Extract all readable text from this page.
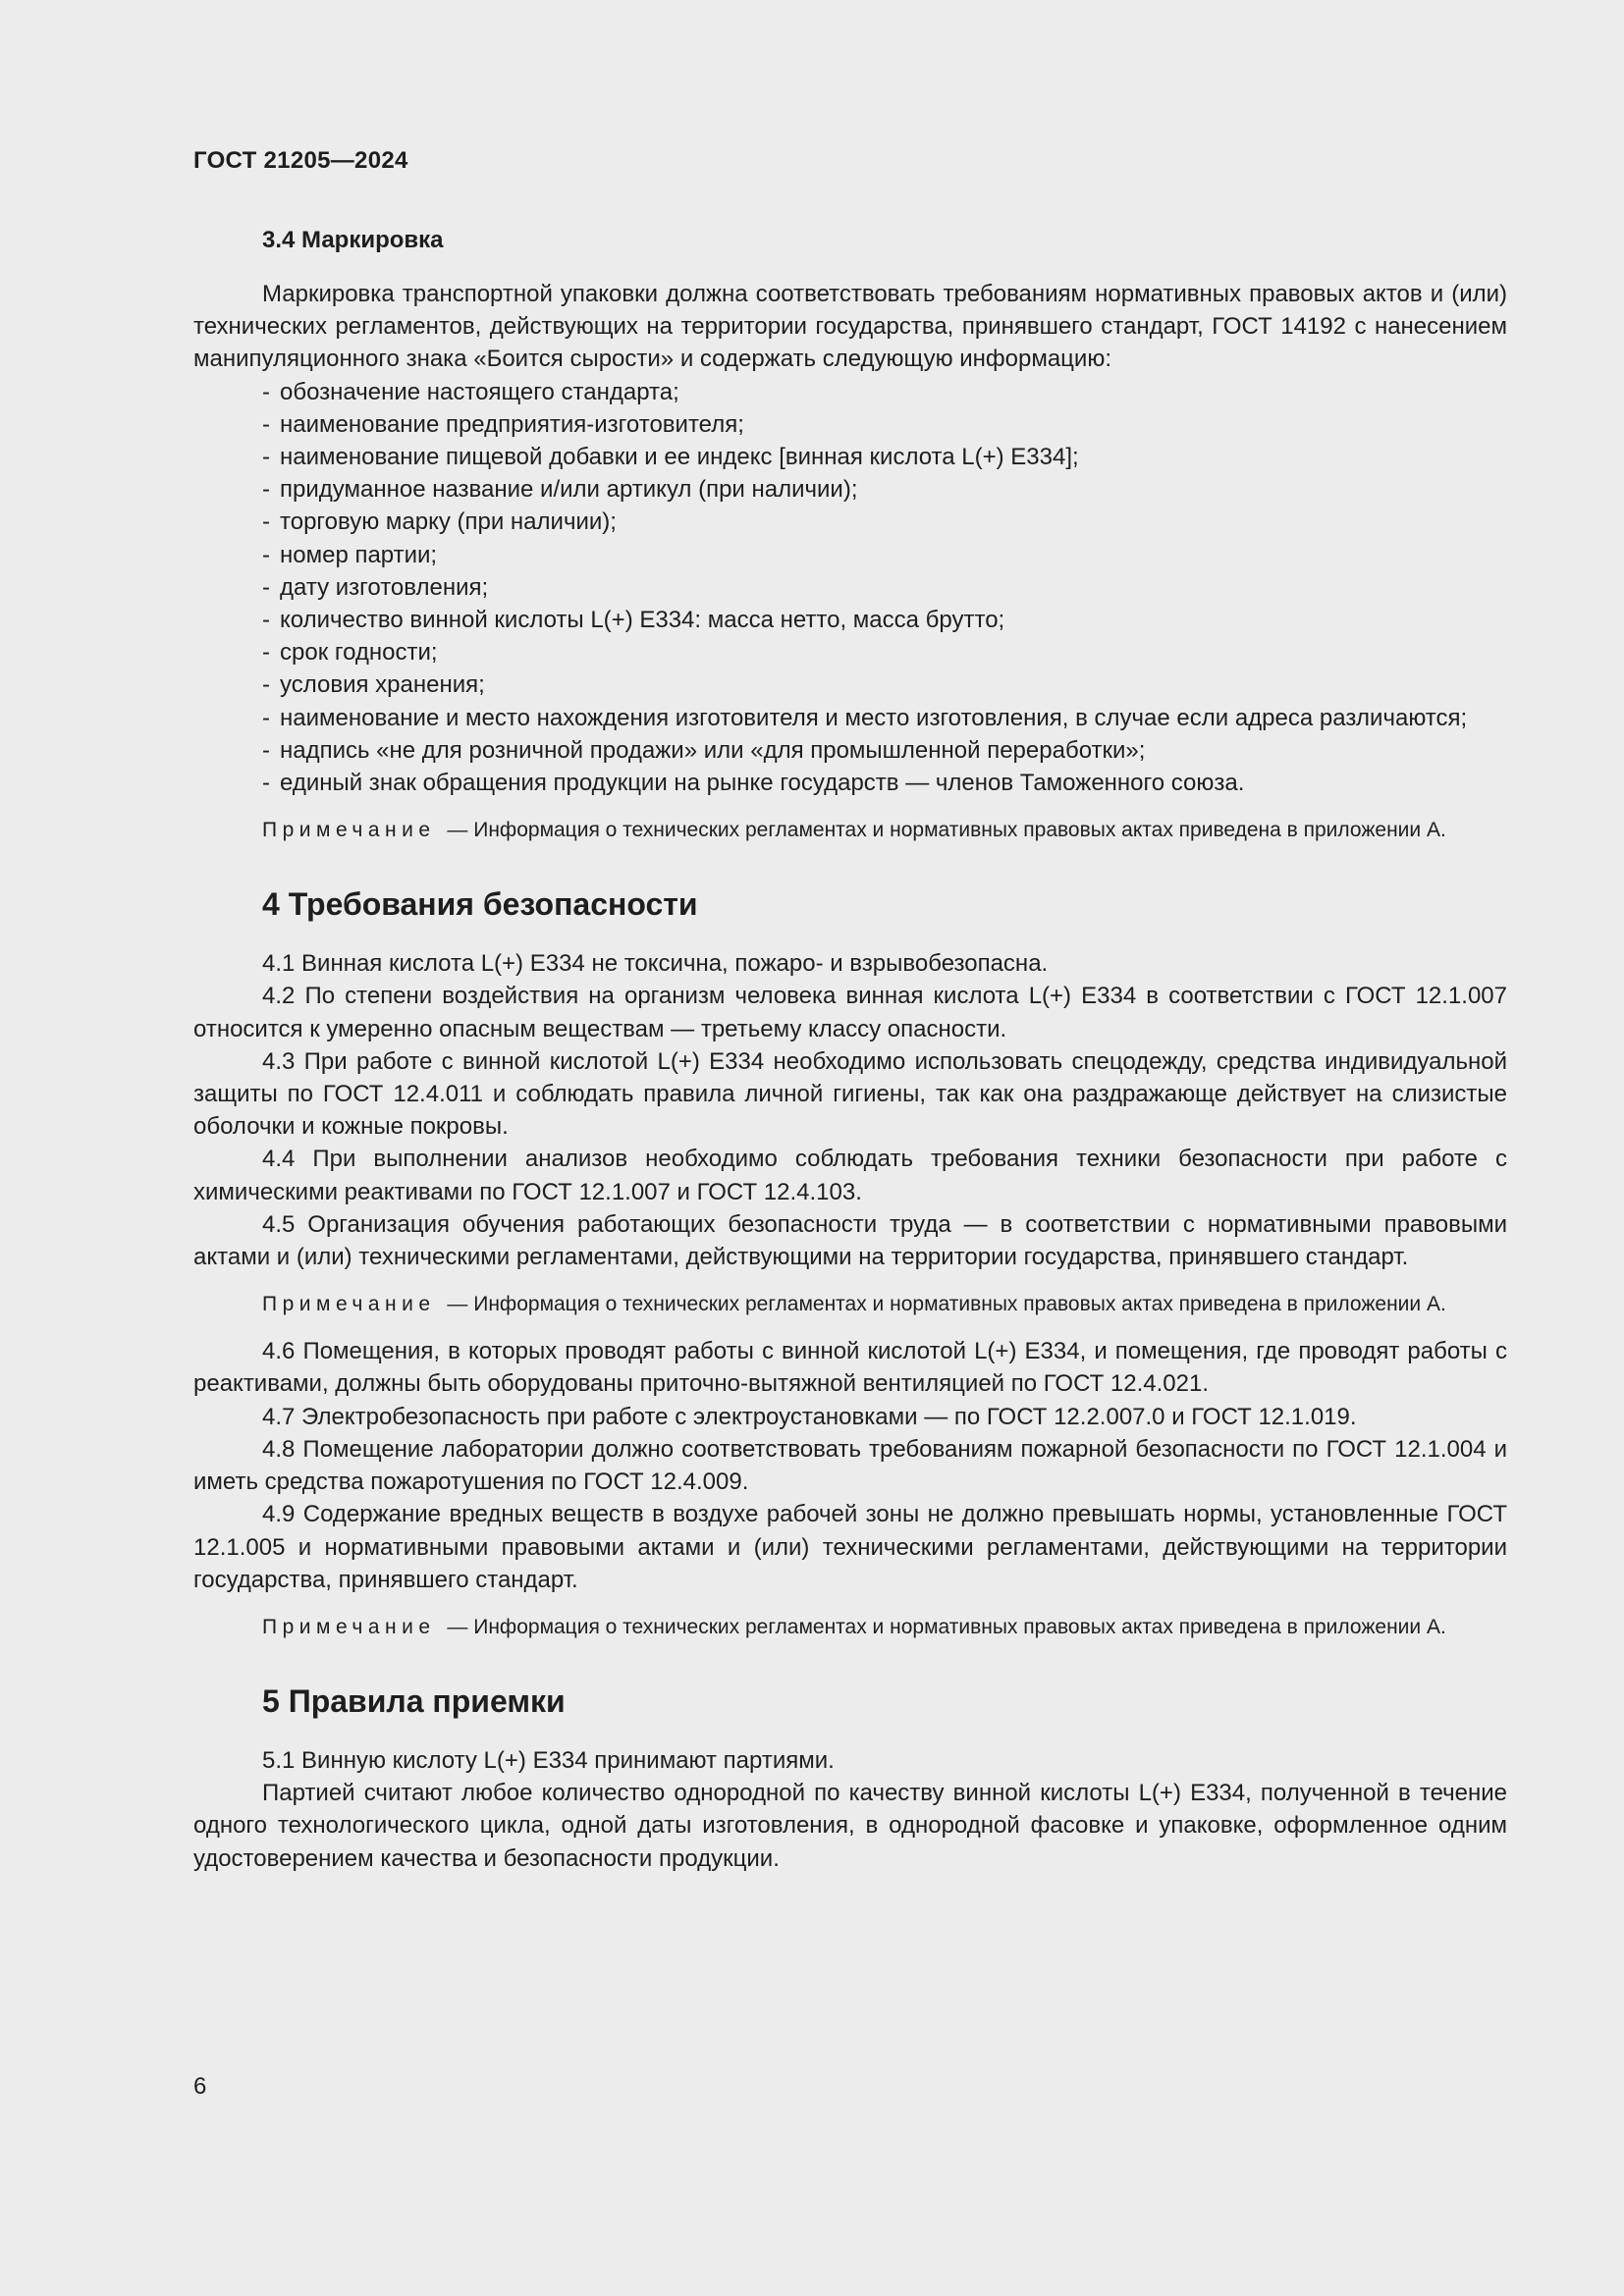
ГОСТ 21205—2024
3.4 Маркировка

Маркировка транспортной упаковки должна соответствовать требованиям нормативных правовых актов и (или) технических регламентов, действующих на территории государства, принявшего стандарт, ГОСТ 14192 с нанесением манипуляционного знака «Боится сырости» и содержать следующую информацию:

- обозначение настоящего стандарта;
- наименование предприятия-изготовителя;
- наименование пищевой добавки и ее индекс [винная кислота L(+) E334];
- придуманное название и/или артикул (при наличии);
- торговую марку (при наличии);
- номер партии;
- дату изготовления;
- количество винной кислоты L(+) E334: масса нетто, масса брутто;
- срок годности;
- условия хранения;
- наименование и место нахождения изготовителя и место изготовления, в случае если адреса различаются;
- надпись «не для розничной продажи» или «для промышленной переработки»;
- единый знак обращения продукции на рынке государств — членов Таможенного союза.

Примечание — Информация о технических регламентах и нормативных правовых актах приведена в приложении А.

4 Требования безопасности

4.1 Винная кислота L(+) E334 не токсична, пожаро- и взрывобезопасна.

4.2 По степени воздействия на организм человека винная кислота L(+) E334 в соответствии с ГОСТ 12.1.007 относится к умеренно опасным веществам — третьему классу опасности.

4.3 При работе с винной кислотой L(+) E334 необходимо использовать спецодежду, средства индивидуальной защиты по ГОСТ 12.4.011 и соблюдать правила личной гигиены, так как она раздражающе действует на слизистые оболочки и кожные покровы.

4.4 При выполнении анализов необходимо соблюдать требования техники безопасности при работе с химическими реактивами по ГОСТ 12.1.007 и ГОСТ 12.4.103.

4.5 Организация обучения работающих безопасности труда — в соответствии с нормативными правовыми актами и (или) техническими регламентами, действующими на территории государства, принявшего стандарт.

Примечание — Информация о технических регламентах и нормативных правовых актах приведена в приложении А.

4.6 Помещения, в которых проводят работы с винной кислотой L(+) E334, и помещения, где проводят работы с реактивами, должны быть оборудованы приточно-вытяжной вентиляцией по ГОСТ 12.4.021.

4.7 Электробезопасность при работе с электроустановками — по ГОСТ 12.2.007.0 и ГОСТ 12.1.019.

4.8 Помещение лаборатории должно соответствовать требованиям пожарной безопасности по ГОСТ 12.1.004 и иметь средства пожаротушения по ГОСТ 12.4.009.

4.9 Содержание вредных веществ в воздухе рабочей зоны не должно превышать нормы, установленные ГОСТ 12.1.005 и нормативными правовыми актами и (или) техническими регламентами, действующими на территории государства, принявшего стандарт.

Примечание — Информация о технических регламентах и нормативных правовых актах приведена в приложении А.

5 Правила приемки

5.1 Винную кислоту L(+) E334 принимают партиями.

Партией считают любое количество однородной по качеству винной кислоты L(+) E334, полученной в течение одного технологического цикла, одной даты изготовления, в однородной фасовке и упаковке, оформленное одним удостоверением качества и безопасности продукции.

6
